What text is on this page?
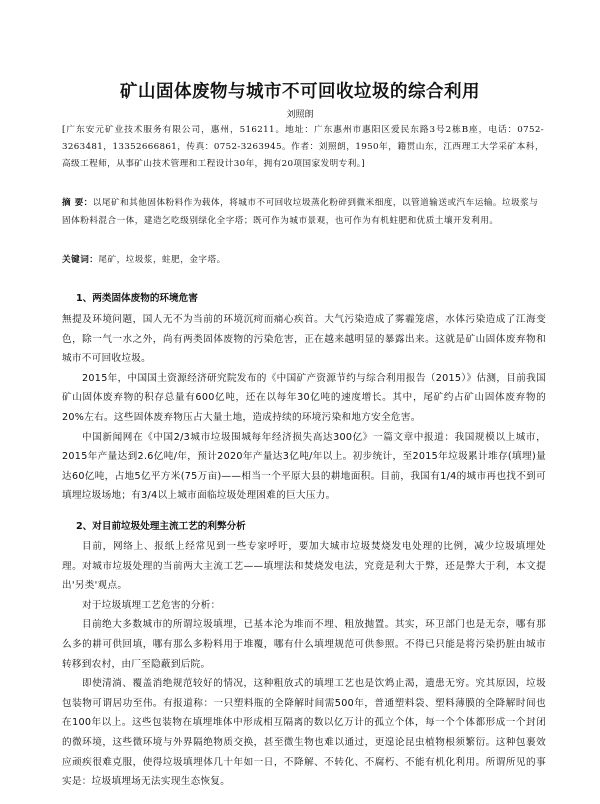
矿山固体废物与城市不可回收垃圾的综合利用
刘照朗
[广东安元矿业技术服务有限公司，惠州，516211。地址：广东惠州市惠阳区爱民东路3号2栋B座，电话：0752-3263481，13352666861，传真：0752-3263945。作者：刘照朗，1950年，籍贯山东，江西理工大学采矿本科，高级工程师，从事矿山技术管理和工程设计30年，拥有20项国家发明专利。]
摘 要：以尾矿和其他固体粉料作为载体，将城市不可回收垃圾蒸化粉碎到微米细度，以管道输送或汽车运输。垃圾浆与固体粉料混合一体，建造乞吃级别绿化全字塔；既可作为城市景观，也可作为有机蛀肥和优质土壤开发利用。
关键词：尾矿，垃圾浆，蛀肥，金字塔。
1、两类固体废物的环境危害

無提及环境问题，国人无不为当前的环境沉疴而痛心疾首。大气污染造成了雾霾笼虐，水体污染造成了江海变色，除一气一水之外，尚有两类固体废物的污染危害，正在越来越明显的暴露出来。这就是矿山固体废弃物和城市不可回收垃圾。

2015年，中国国土资源经济研究院发布的《中国矿产资源节约与综合利用报告（2015）》估测，目前我国矿山固体废弃物的积存总量有600亿吨，还在以每年30亿吨的速度增长。其中，尾矿约占矿山固体废弃物的20%左右。这些固体废弃物压占大量土地，造成持续的环境污染和地方安全危害。

中国新闻网在《中国2/3城市垃圾围城每年经济损失高达300亿》一篇文章中报道：我国规模以上城市，2015年产量达到2.6亿吨/年，预计2020年产量达3亿吨/年以上。初步统计，至2015年垃圾累计堆存(填埋)量达60亿吨，占地5亿平方米(75万亩)——相当一个平原大县的耕地面积。目前，我国有1/4的城市再也找不到可填埋垃圾场地；有3/4以上城市面临垃圾处理困难的巨大压力。

2、对目前垃圾处理主流工艺的利弊分析

目前，网络上、报纸上经常见到一些专家呼吁，要加大城市垃圾焚烧发电处理的比例，减少垃圾填埋处理。对城市垃圾处理的当前两大主流工艺——填埋法和焚烧发电法，究竟是利大于弊，还是弊大于利，本文提出'另类'观点。

对于垃圾填埋工艺危害的分析：

目前绝大多数城市的所谓垃圾填埋，已基本沦为堆而不埋、粗放抛置。其实，环卫部门也是无奈，哪有那么多的耕可供回填，哪有那么多粉料用于堆覆，哪有什么填埋规范可供参照。不得已只能是将污染扔脏由城市转移到农村，由厂至隐蔽到后院。

即使清淌、覆盖消绝规范较好的情况，这种粗放式的填埋工艺也是饮鸩止渴，遗患无穷。究其原因，垃圾包装物可谓居功至伟。有报道称：一只塑料瓶的全降解时间需500年，普通塑料袋、塑料薄膜的全降解时间也在100年以上。这些包装物在填埋堆体中形成相互隔离的数以亿万计的孤立个体，每一个个体都形成一个封闭的微环境，这些微环境与外界隔绝物质交换，甚至微生物也难以通过，更遑论昆虫植物根须繁衍。这种包裹效应顽疾很难克服，使得垃圾填埋体几十年如一日，不降解、不转化、不腐朽、不能有机化利用。所谓所见的事实是：垃圾填埋场无法实现生态恢复。
